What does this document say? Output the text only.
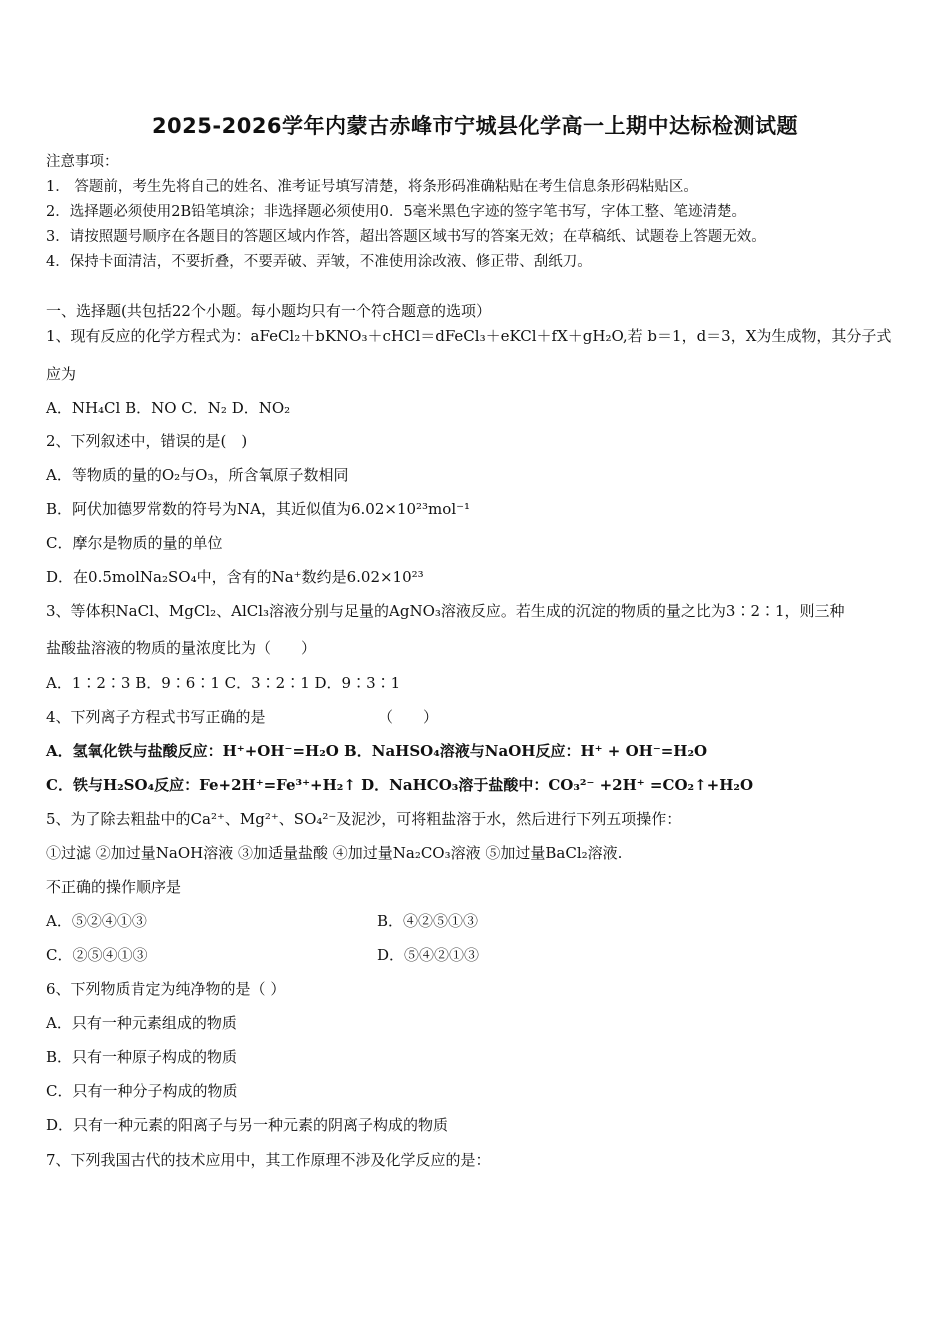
2025-2026学年内蒙古赤峰市宁城县化学高一上期中达标检测试题
注意事项：
1． 答题前，考生先将自己的姓名、准考证号填写清楚，将条形码准确粘贴在考生信息条形码粘贴区。
2．选择题必须使用2B铅笔填涂；非选择题必须使用0．5毫米黑色字迹的签字笔书写，字体工整、笔迹清楚。
3．请按照题号顺序在各题目的答题区域内作答，超出答题区域书写的答案无效；在草稿纸、试题卷上答题无效。
4．保持卡面清洁，不要折叠，不要弄破、弄皱，不准使用涂改液、修正带、刮纸刀。
一、选择题(共包括22个小题。每小题均只有一个符合题意的选项）
1、现有反应的化学方程式为：aFeCl₂＋bKNO₃＋cHCl＝dFeCl₃＋eKCl＋fX＋gH₂O,若 b＝1，d＝3，X为生成物，其分子式
应为
A．NH₄Cl B．NO C．N₂ D．NO₂
2、下列叙述中，错误的是(　)
A．等物质的量的O₂与O₃，所含氧原子数相同
B．阿伏加德罗常数的符号为NA，其近似值为6.02×10²³mol⁻¹
C．摩尔是物质的量的单位
D．在0.5molNa₂SO₄中，含有的Na⁺数约是6.02×10²³
3、等体积NaCl、MgCl₂、AlCl₃溶液分别与足量的AgNO₃溶液反应。若生成的沉淀的物质的量之比为3∶2∶1，则三种
盐酸盐溶液的物质的量浓度比为（　　）
A．1∶2∶3 B．9∶6∶1 C．3∶2∶1 D．9∶3∶1
4、下列离子方程式书写正确的是　　　　　　　　（　　）
A．氢氧化铁与盐酸反应：H⁺+OH⁻=H₂O B．NaHSO₄溶液与NaOH反应：H⁺ + OH⁻=H₂O
C．铁与H₂SO₄反应：Fe+2H⁺=Fe³⁺+H₂↑ D．NaHCO₃溶于盐酸中：CO₃²⁻ +2H⁺ =CO₂↑+H₂O
5、为了除去粗盐中的Ca²⁺、Mg²⁺、SO₄²⁻及泥沙，可将粗盐溶于水，然后进行下列五项操作：
①过滤 ②加过量NaOH溶液 ③加适量盐酸 ④加过量Na₂CO₃溶液 ⑤加过量BaCl₂溶液.
不正确的操作顺序是
A．⑤②④①③	B．④②⑤①③
C．②⑤④①③	D．⑤④②①③
6、下列物质肯定为纯净物的是（ ）
A．只有一种元素组成的物质
B．只有一种原子构成的物质
C．只有一种分子构成的物质
D．只有一种元素的阳离子与另一种元素的阴离子构成的物质
7、下列我国古代的技术应用中，其工作原理不涉及化学反应的是：
